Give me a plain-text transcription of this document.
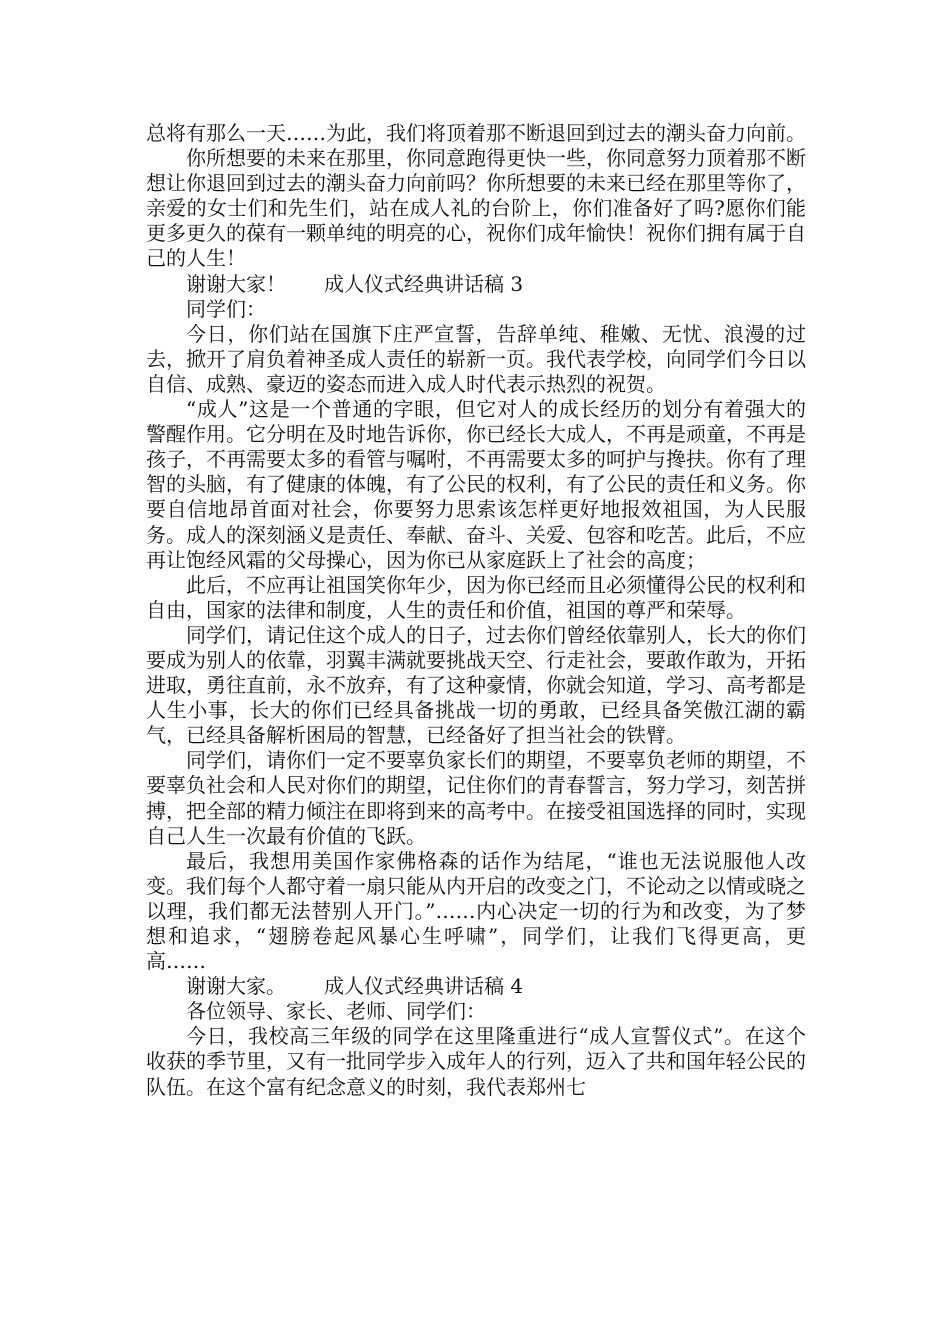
总将有那么一天……为此，我们将顶着那不断退回到过去的潮头奋力向前。

你所想要的未来在那里，你同意跑得更快一些，你同意努力顶着那不断想让你退回到过去的潮头奋力向前吗？你所想要的未来已经在那里等你了，亲爱的女士们和先生们，站在成人礼的台阶上，你们准备好了吗?愿你们能更多更久的葆有一颗单纯的明亮的心，祝你们成年愉快！祝你们拥有属于自己的人生！

谢谢大家！ 成人仪式经典讲话稿 3

同学们：

今日，你们站在国旗下庄严宣誓，告辞单纯、稚嫩、无忧、浪漫的过去，掀开了肩负着神圣成人责任的崭新一页。我代表学校，向同学们今日以自信、成熟、豪迈的姿态而进入成人时代表示热烈的祝贺。

“成人”这是一个普通的字眼，但它对人的成长经历的划分有着强大的警醒作用。它分明在及时地告诉你，你已经长大成人，不再是顽童，不再是孩子，不再需要太多的看管与嘱咐，不再需要太多的呵护与搀扶。你有了理智的头脑，有了健康的体魄，有了公民的权利，有了公民的责任和义务。你要自信地昂首面对社会，你要努力思索该怎样更好地报效祖国，为人民服务。成人的深刻涵义是责任、奉献、奋斗、关爱、包容和吃苦。此后，不应再让饱经风霜的父母操心，因为你已从家庭跃上了社会的高度；

此后，不应再让祖国笑你年少，因为你已经而且必须懂得公民的权利和自由，国家的法律和制度，人生的责任和价值，祖国的尊严和荣辱。

同学们，请记住这个成人的日子，过去你们曾经依靠别人，长大的你们要成为别人的依靠，羽翼丰满就要挑战天空、行走社会，要敢作敢为，开拓进取，勇往直前，永不放弃，有了这种豪情，你就会知道，学习、高考都是人生小事，长大的你们已经具备挑战一切的勇敢，已经具备笑傲江湖的霸气，已经具备解析困局的智慧，已经备好了担当社会的铁臂。

同学们，请你们一定不要辜负家长们的期望，不要辜负老师的期望，不要辜负社会和人民对你们的期望，记住你们的青春誓言，努力学习，刻苦拼搏，把全部的精力倾注在即将到来的高考中。在接受祖国选择的同时，实现自己人生一次最有价值的飞跃。

最后，我想用美国作家佛格森的话作为结尾，“谁也无法说服他人改变。我们每个人都守着一扇只能从内开启的改变之门，不论动之以情或晓之以理，我们都无法替别人开门。”……内心决定一切的行为和改变，为了梦想和追求，“翅膀卷起风暴心生呼啸”，同学们，让我们飞得更高，更高……

谢谢大家。 成人仪式经典讲话稿 4

各位领导、家长、老师、同学们：

今日，我校高三年级的同学在这里隆重进行“成人宣誓仪式”。在这个收获的季节里，又有一批同学步入成年人的行列，迈入了共和国年轻公民的队伍。在这个富有纪念意义的时刻，我代表郑州七
